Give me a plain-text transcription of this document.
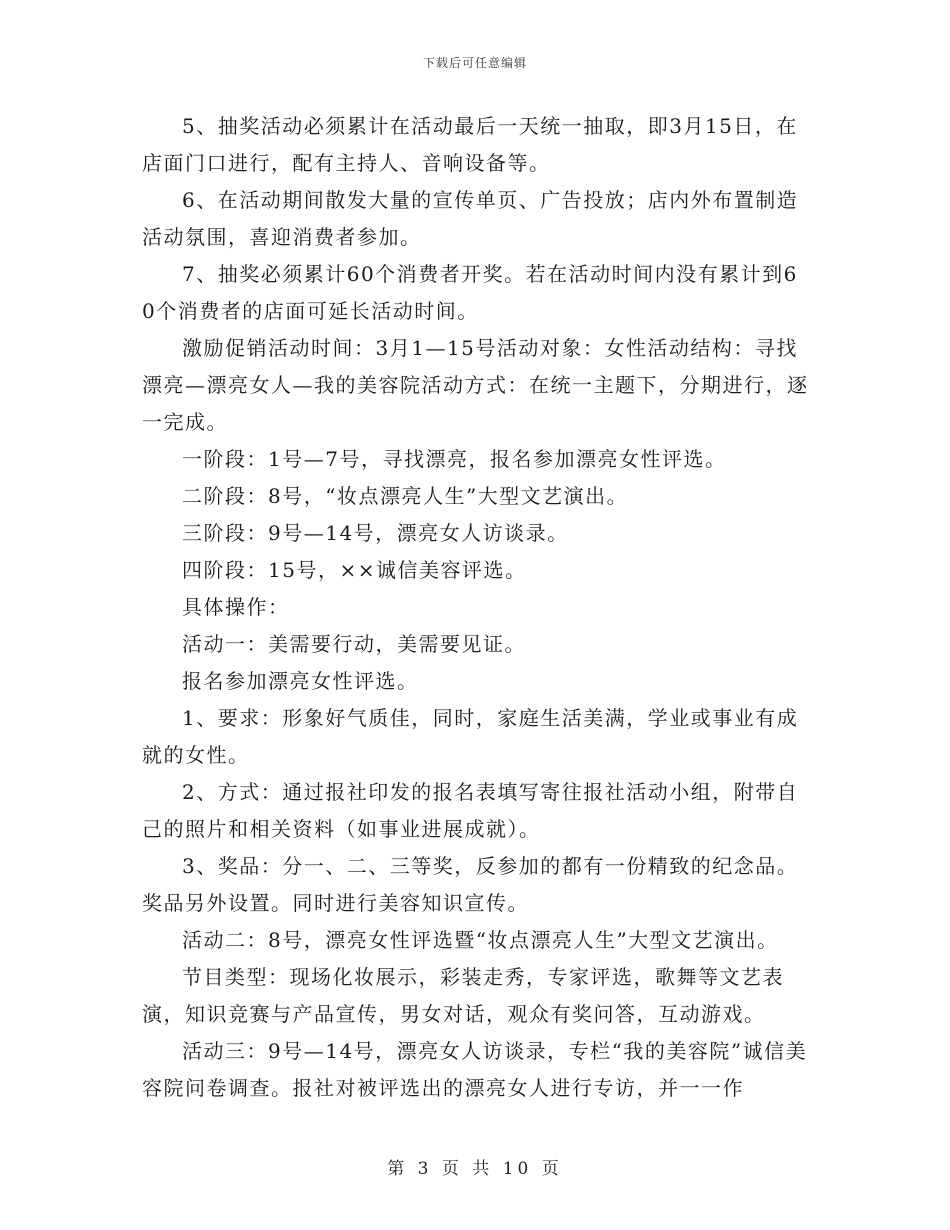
下载后可任意编辑

5、抽奖活动必须累计在活动最后一天统一抽取，即3月15日，在店面门口进行，配有主持人、音响设备等。

6、在活动期间散发大量的宣传单页、广告投放；店内外布置制造活动氛围，喜迎消费者参加。

7、抽奖必须累计60个消费者开奖。若在活动时间内没有累计到60个消费者的店面可延长活动时间。

激励促销活动时间：3月1—15号活动对象：女性活动结构：寻找漂亮—漂亮女人—我的美容院活动方式：在统一主题下，分期进行，逐一完成。

一阶段：1号—7号，寻找漂亮，报名参加漂亮女性评选。

二阶段：8号，“妆点漂亮人生”大型文艺演出。

三阶段：9号—14号，漂亮女人访谈录。

四阶段：15号，××诚信美容评选。

具体操作：

活动一：美需要行动，美需要见证。

报名参加漂亮女性评选。

1、要求：形象好气质佳，同时，家庭生活美满，学业或事业有成就的女性。

2、方式：通过报社印发的报名表填写寄往报社活动小组，附带自己的照片和相关资料（如事业进展成就）。

3、奖品：分一、二、三等奖，反参加的都有一份精致的纪念品。奖品另外设置。同时进行美容知识宣传。

活动二：8号，漂亮女性评选暨“妆点漂亮人生”大型文艺演出。

节目类型：现场化妆展示，彩装走秀，专家评选，歌舞等文艺表演，知识竞赛与产品宣传，男女对话，观众有奖问答，互动游戏。

活动三：9号—14号，漂亮女人访谈录，专栏“我的美容院”诚信美容院问卷调查。报社对被评选出的漂亮女人进行专访，并一一作

第 3 页 共 10 页
